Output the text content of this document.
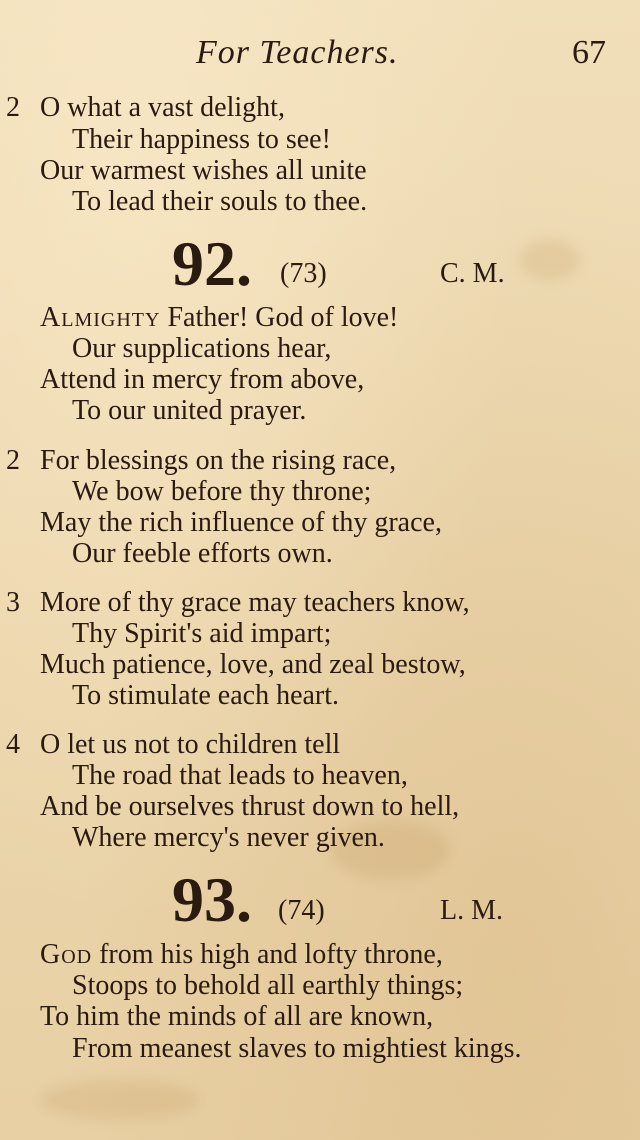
For Teachers.	67
2 O what a vast delight,
Their happiness to see!
Our warmest wishes all unite
To lead their souls to thee.
92. (73)	C. M.
Almighty Father! God of love!
Our supplications hear,
Attend in mercy from above,
To our united prayer.
2 For blessings on the rising race,
We bow before thy throne;
May the rich influence of thy grace,
Our feeble efforts own.
3 More of thy grace may teachers know,
Thy Spirit's aid impart;
Much patience, love, and zeal bestow,
To stimulate each heart.
4 O let us not to children tell
The road that leads to heaven,
And be ourselves thrust down to hell,
Where mercy's never given.
93. (74)	L. M.
God from his high and lofty throne,
Stoops to behold all earthly things;
To him the minds of all are known,
From meanest slaves to mightiest kings.
